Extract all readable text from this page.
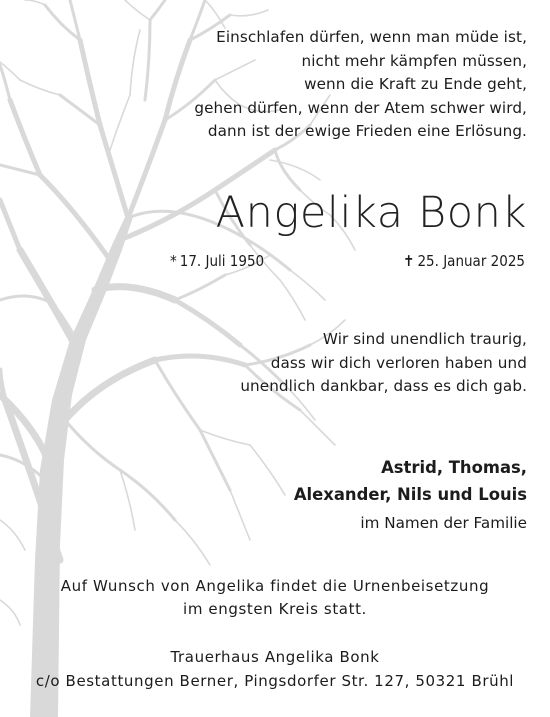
Einschlafen dürfen, wenn man müde ist,
nicht mehr kämpfen müssen,
wenn die Kraft zu Ende geht,
gehen dürfen, wenn der Atem schwer wird,
dann ist der ewige Frieden eine Erlösung.
Angelika Bonk
* 17. Juli 1950	✝ 25. Januar 2025
Wir sind unendlich traurig,
dass wir dich verloren haben und
unendlich dankbar, dass es dich gab.
Astrid, Thomas,
Alexander, Nils und Louis
im Namen der Familie
Auf Wunsch von Angelika findet die Urnenbeisetzung
im engsten Kreis statt.
Trauerhaus Angelika Bonk
c/o Bestattungen Berner, Pingsdorfer Str. 127, 50321 Brühl
